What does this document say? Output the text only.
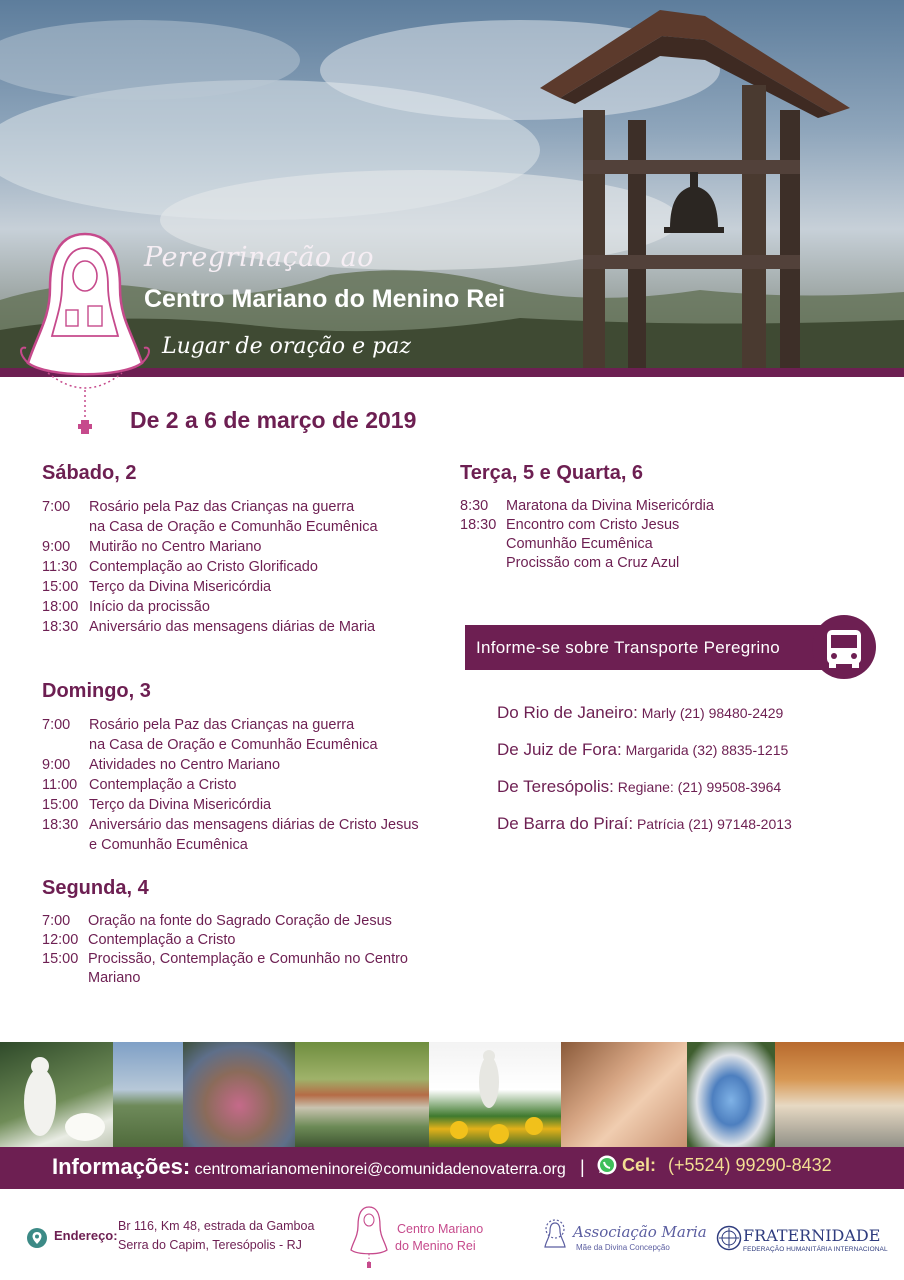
Peregrinação ao
Centro Mariano do Menino Rei
Lugar de oração e paz
De 2 a 6 de março de 2019
Sábado, 2
7:00	Rosário pela Paz das Crianças na guerra
na Casa de Oração e Comunhão Ecumênica
9:00	Mutirão no Centro Mariano
11:30 Contemplação ao Cristo Glorificado
15:00 Terço da Divina Misericórdia
18:00 Início da procissão
18:30 Aniversário das mensagens diárias de Maria
Domingo, 3
7:00	Rosário pela Paz das Crianças na guerra
na Casa de Oração e Comunhão Ecumênica
9:00	Atividades no Centro Mariano
11:00 Contemplação a Cristo
15:00 Terço da Divina Misericórdia
18:30 Aniversário das mensagens diárias de Cristo Jesus
e Comunhão Ecumênica
Segunda, 4
7:00	Oração na fonte do Sagrado Coração de Jesus
12:00 Contemplação a Cristo
15:00 Procissão, Contemplação e Comunhão no Centro Mariano
Terça, 5 e Quarta, 6
8:30	Maratona da Divina Misericórdia
18:30 Encontro com Cristo Jesus
Comunhão Ecumênica
Procissão com a Cruz Azul
Informe-se sobre Transporte Peregrino
Do Rio de Janeiro: Marly (21) 98480-2429
De Juiz de Fora: Margarida (32) 8835-1215
De Teresópolis: Regiane: (21) 99508-3964
De Barra do Piraí: Patrícia (21) 97148-2013
Informações: centromarianomeninorei@comunidadenovaterra.org | Cel: (+5524) 99290-8432
Endereço:
Br 116, Km 48, estrada da Gamboa
Serra do Capim, Teresópolis - RJ
Centro Mariano
do Menino Rei
Associação Maria
Mãe da Divina Concepção
FRATERNIDADE
FEDERAÇÃO HUMANITÁRIA INTERNACIONAL
